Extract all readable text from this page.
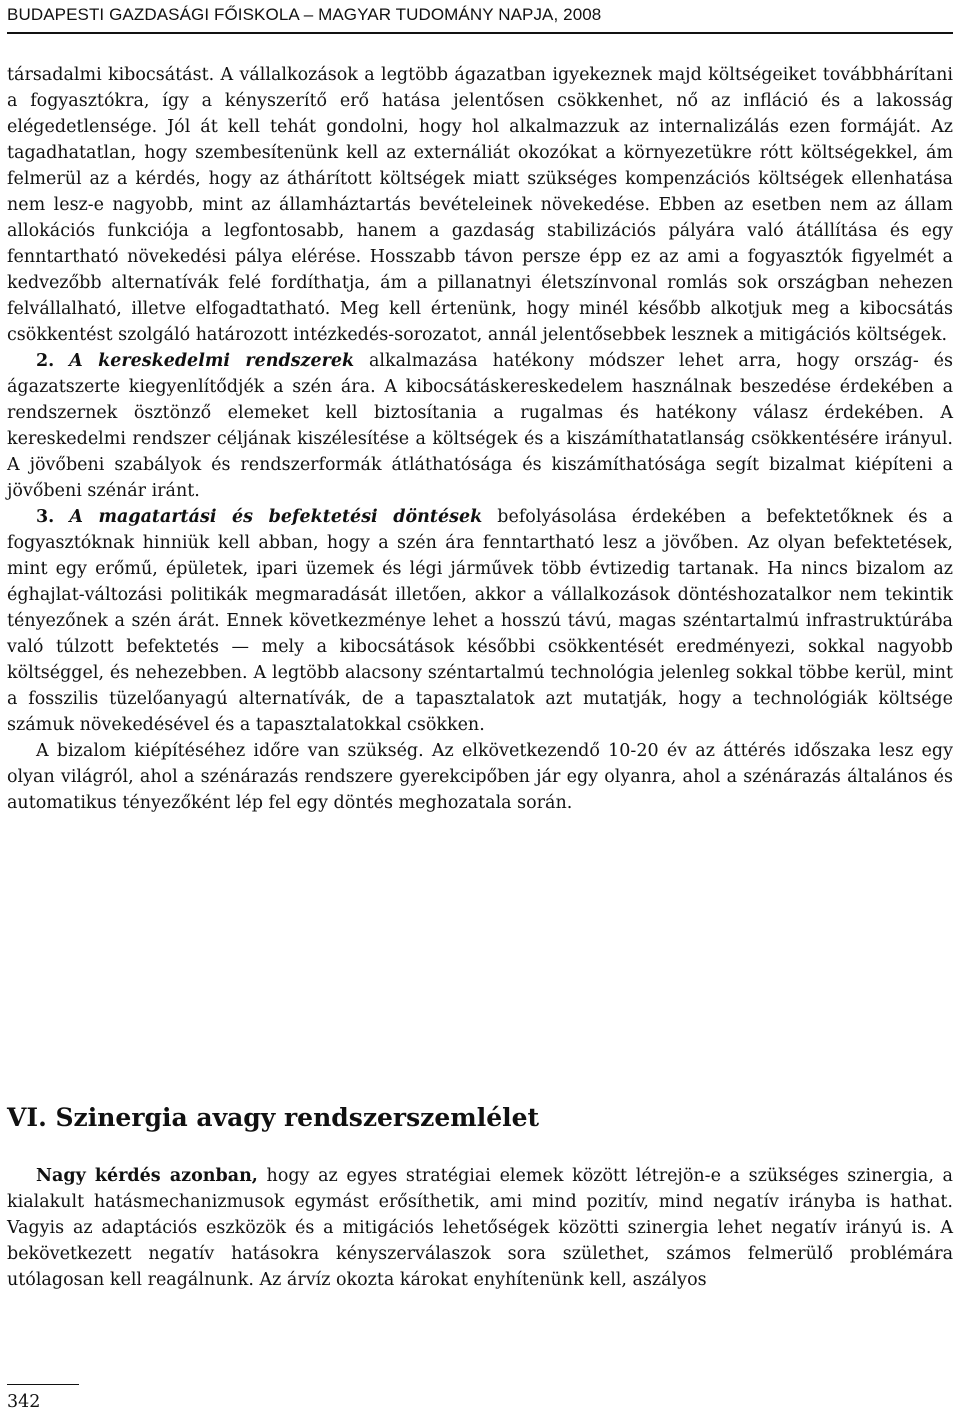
BUDAPESTI GAZDASÁGI FŐISKOLA – MAGYAR TUDOMÁNY NAPJA, 2008

társadalmi kibocsátást. A vállalkozások a legtöbb ágazatban igyekeznek majd költségeiket továbbhárítani a fogyasztókra, így a kényszerítő erő hatása jelentősen csökkenhet, nő az infláció és a lakosság elégedetlensége. Jól át kell tehát gondolni, hogy hol alkalmazzuk az internalizálás ezen formáját. Az tagadhatatlan, hogy szembesítenünk kell az externáliát okozókat a környezetükre rótt költségekkel, ám felmerül az a kérdés, hogy az áthárított költségek miatt szükséges kompenzációs költségek ellenhatása nem lesz-e nagyobb, mint az államháztartás bevételeinek növekedése. Ebben az esetben nem az állam allokációs funkciója a legfontosabb, hanem a gazdaság stabilizációs pályára való átállítása és egy fenntartható növekedési pálya elérése. Hosszabb távon persze épp ez az ami a fogyasztók figyelmét a kedvezőbb alternatívák felé fordíthatja, ám a pillanatnyi életszínvonal romlás sok országban nehezen felvállalható, illetve elfogadtatható. Meg kell értenünk, hogy minél később alkotjuk meg a kibocsátás csökkentést szolgáló határozott intézkedés-sorozatot, annál jelentősebbek lesznek a mitigációs költségek.

2. A kereskedelmi rendszerek alkalmazása hatékony módszer lehet arra, hogy ország- és ágazatszerte kiegyenlítődjék a szén ára. A kibocsátáskereskedelem használnak beszedése érdekében a rendszernek ösztönző elemeket kell biztosítania a rugalmas és hatékony válasz érdekében. A kereskedelmi rendszer céljának kiszélesítése a költségek és a kiszámíthatatlanság csökkentésére irányul. A jövőbeni szabályok és rendszerformák átláthatósága és kiszámíthatósága segít bizalmat kiépíteni a jövőbeni szénár iránt.

3. A magatartási és befektetési döntések befolyásolása érdekében a befektetőknek és a fogyasztóknak hinniük kell abban, hogy a szén ára fenntartható lesz a jövőben. Az olyan befektetések, mint egy erőmű, épületek, ipari üzemek és légi járművek több évtizedig tartanak. Ha nincs bizalom az éghajlat-változási politikák megmaradását illetően, akkor a vállalkozások döntéshozatalkor nem tekintik tényezőnek a szén árát. Ennek következménye lehet a hosszú távú, magas széntartalmú infrastruktúrába való túlzott befektetés — mely a kibocsátások későbbi csökkentését eredményezi, sokkal nagyobb költséggel, és nehezebben. A legtöbb alacsony széntartalmú technológia jelenleg sokkal többe kerül, mint a fosszilis tüzelőanyagú alternatívák, de a tapasztalatok azt mutatják, hogy a technológiák költsége számuk növekedésével és a tapasztalatokkal csökken.

A bizalom kiépítéséhez időre van szükség. Az elkövetkezendő 10-20 év az áttérés időszaka lesz egy olyan világról, ahol a szénárazás rendszere gyerekcipőben jár egy olyanra, ahol a szénárazás általános és automatikus tényezőként lép fel egy döntés meghozatala során.

VI. Szinergia avagy rendszerszemlélet

Nagy kérdés azonban, hogy az egyes stratégiai elemek között létrejön-e a szükséges szinergia, a kialakult hatásmechanizmusok egymást erősíthetik, ami mind pozitív, mind negatív irányba is hathat. Vagyis az adaptációs eszközök és a mitigációs lehetőségek közötti szinergia lehet negatív irányú is. A bekövetkezett negatív hatásokra kényszerválaszok sora születhet, számos felmerülő problémára utólagosan kell reagálnunk. Az árvíz okozta károkat enyhítenünk kell, aszályos

342
